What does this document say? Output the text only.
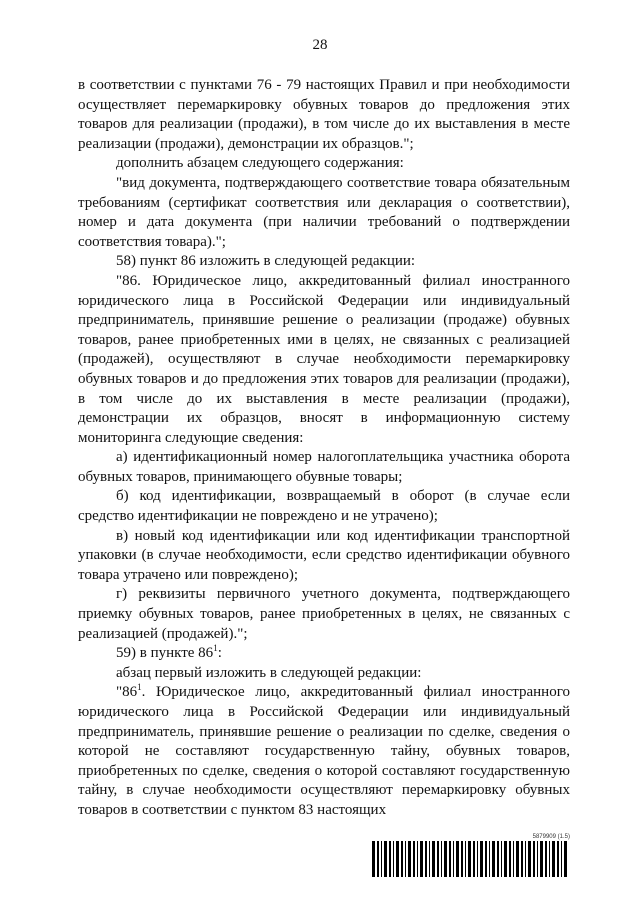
28

в соответствии с пунктами 76 - 79 настоящих Правил и при необходимости осуществляет перемаркировку обувных товаров до предложения этих товаров для реализации (продажи), в том числе до их выставления в месте реализации (продажи), демонстрации их образцов.";

дополнить абзацем следующего содержания:

"вид документа, подтверждающего соответствие товара обязательным требованиям (сертификат соответствия или декларация о соответствии), номер и дата документа (при наличии требований о подтверждении соответствия товара).";

58) пункт 86 изложить в следующей редакции:

"86. Юридическое лицо, аккредитованный филиал иностранного юридического лица в Российской Федерации или индивидуальный предприниматель, принявшие решение о реализации (продаже) обувных товаров, ранее приобретенных ими в целях, не связанных с реализацией (продажей), осуществляют в случае необходимости перемаркировку обувных товаров и до предложения этих товаров для реализации (продажи), в том числе до их выставления в месте реализации (продажи), демонстрации их образцов, вносят в информационную систему мониторинга следующие сведения:

а) идентификационный номер налогоплательщика участника оборота обувных товаров, принимающего обувные товары;

б) код идентификации, возвращаемый в оборот (в случае если средство идентификации не повреждено и не утрачено);

в) новый код идентификации или код идентификации транспортной упаковки (в случае необходимости, если средство идентификации обувного товара утрачено или повреждено);

г) реквизиты первичного учетного документа, подтверждающего приемку обувных товаров, ранее приобретенных в целях, не связанных с реализацией (продажей).";

59) в пункте $86^1$:

абзац первый изложить в следующей редакции:

"$86^1$. Юридическое лицо, аккредитованный филиал иностранного юридического лица в Российской Федерации или индивидуальный предприниматель, принявшие решение о реализации по сделке, сведения о которой не составляют государственную тайну, обувных товаров, приобретенных по сделке, сведения о которой составляют государственную тайну, в случае необходимости осуществляют перемаркировку обувных товаров в соответствии с пунктом 83 настоящих

5879909 (1.5)
